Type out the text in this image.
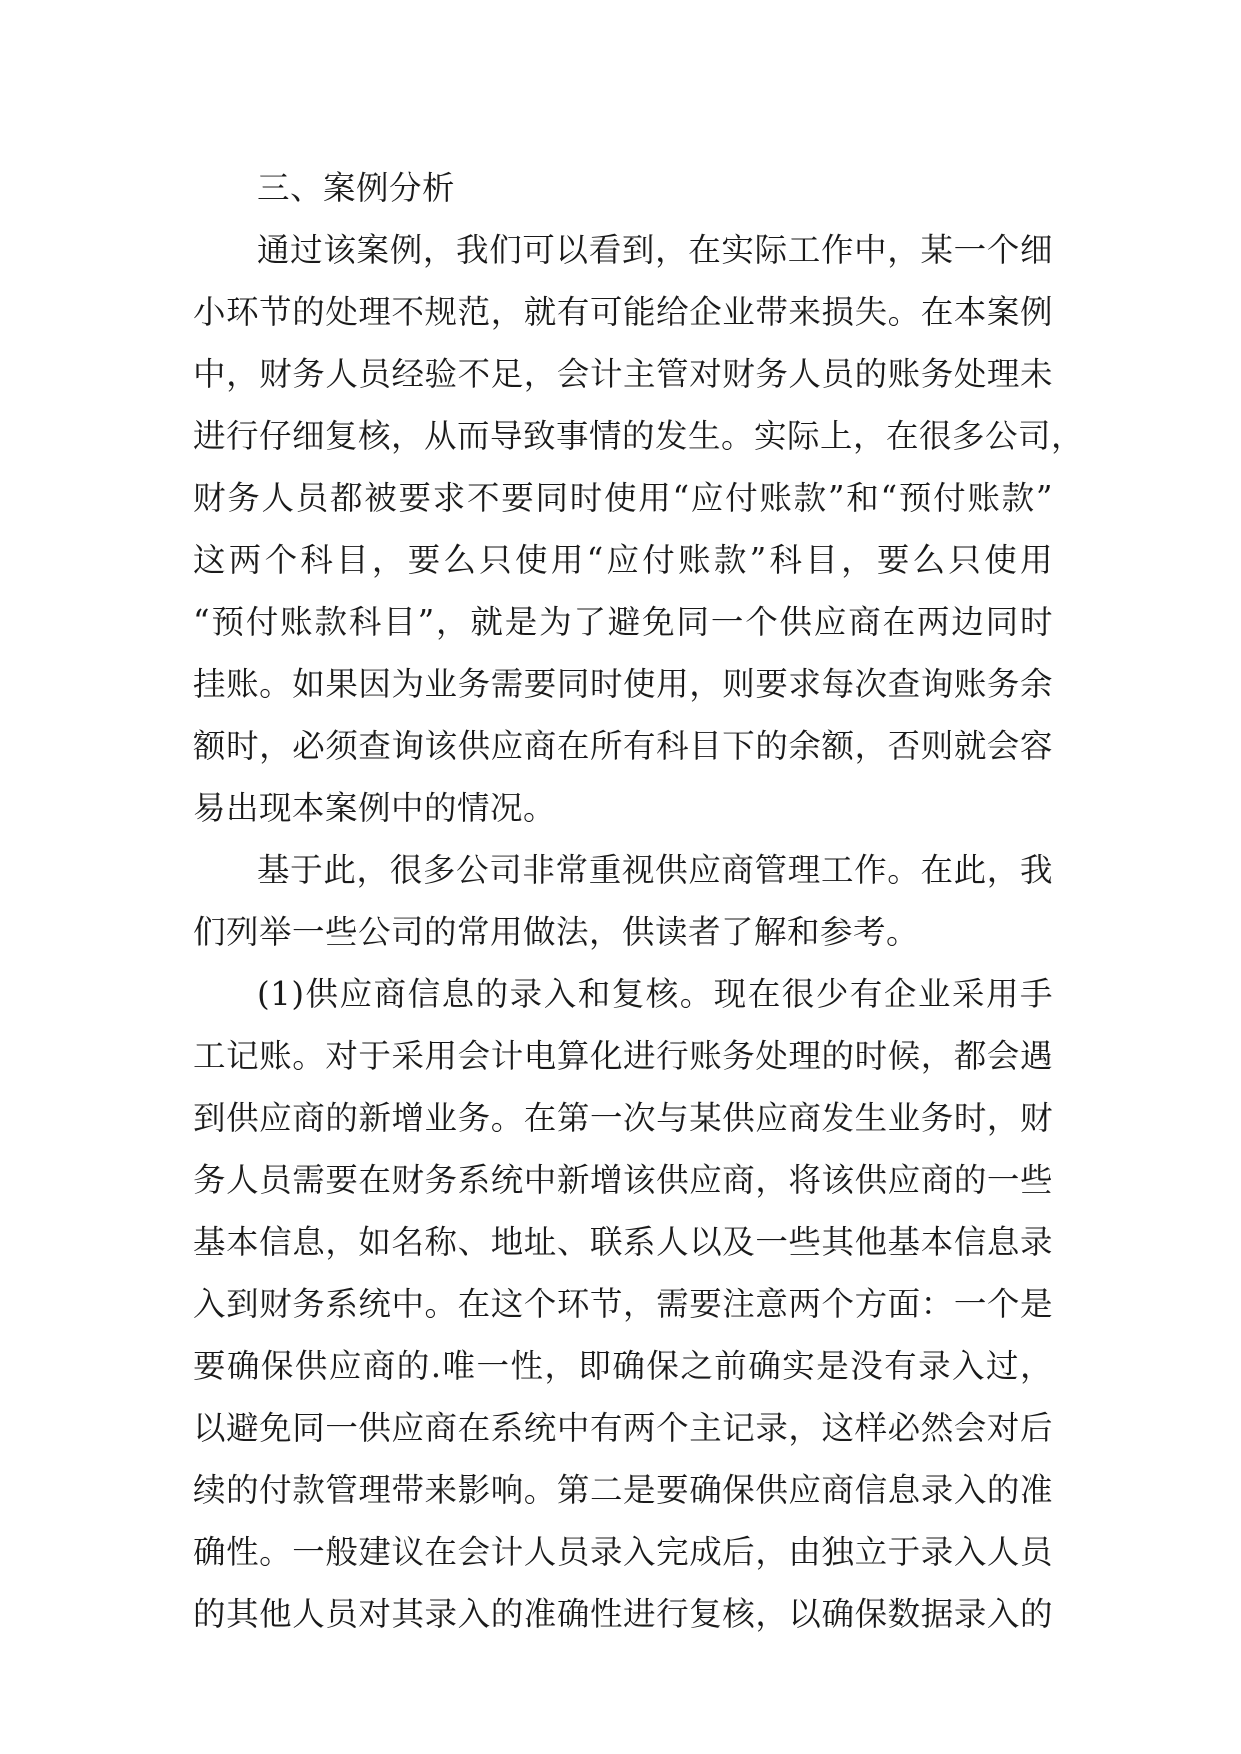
三、案例分析
通过该案例，我们可以看到，在实际工作中，某一个细
小环节的处理不规范，就有可能给企业带来损失。在本案例
中，财务人员经验不足，会计主管对财务人员的账务处理未
进行仔细复核，从而导致事情的发生。实际上，在很多公司，
财务人员都被要求不要同时使用“应付账款”和“预付账款”
这两个科目，要么只使用“应付账款”科目，要么只使用
“预付账款科目”，就是为了避免同一个供应商在两边同时
挂账。如果因为业务需要同时使用，则要求每次查询账务余
额时，必须查询该供应商在所有科目下的余额，否则就会容
易出现本案例中的情况。
基于此，很多公司非常重视供应商管理工作。在此，我
们列举一些公司的常用做法，供读者了解和参考。
(1)供应商信息的录入和复核。现在很少有企业采用手
工记账。对于采用会计电算化进行账务处理的时候，都会遇
到供应商的新增业务。在第一次与某供应商发生业务时，财
务人员需要在财务系统中新增该供应商，将该供应商的一些
基本信息，如名称、地址、联系人以及一些其他基本信息录
入到财务系统中。在这个环节，需要注意两个方面：一个是
要确保供应商的.唯一性，即确保之前确实是没有录入过，
以避免同一供应商在系统中有两个主记录，这样必然会对后
续的付款管理带来影响。第二是要确保供应商信息录入的准
确性。一般建议在会计人员录入完成后，由独立于录入人员
的其他人员对其录入的准确性进行复核，以确保数据录入的
